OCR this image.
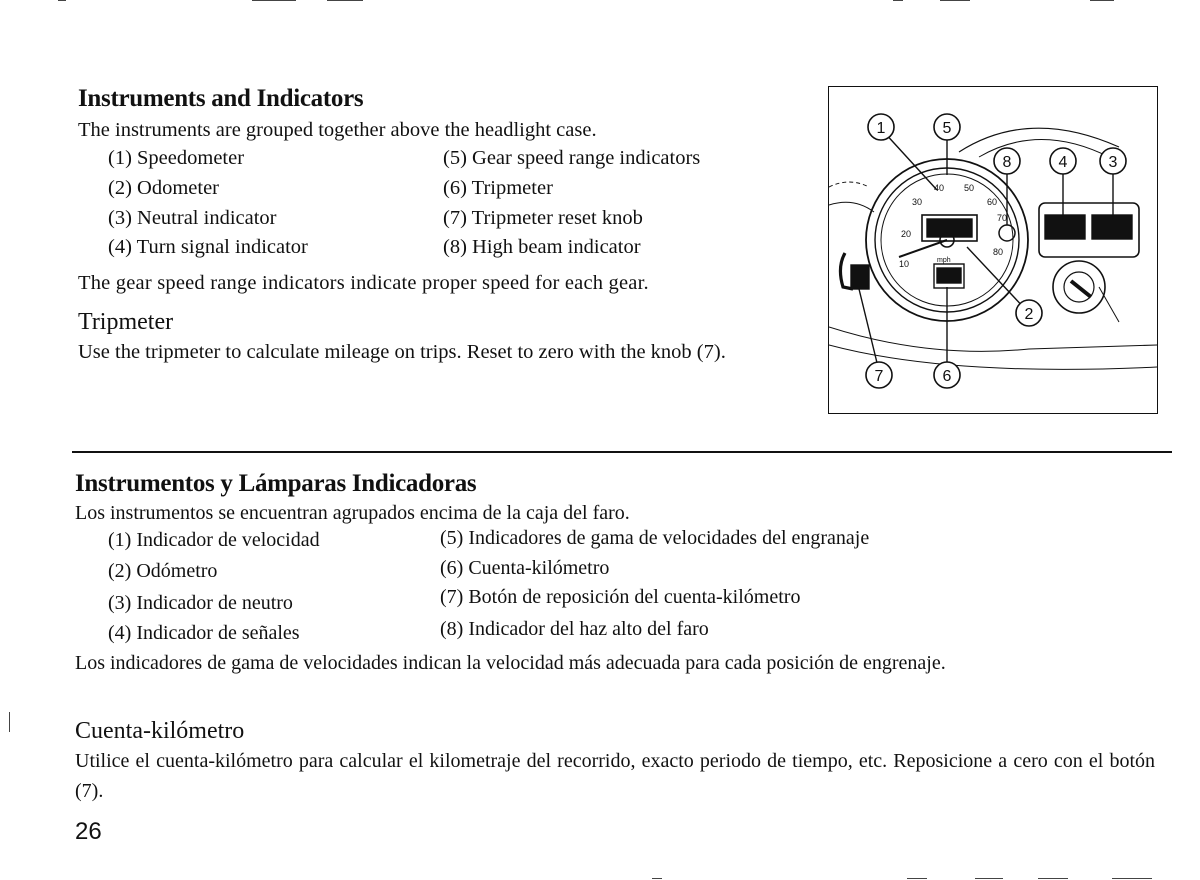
Instruments and Indicators
The instruments are grouped together above the headlight case.
(1) Speedometer
(2) Odometer
(3) Neutral indicator
(4) Turn signal indicator
(5) Gear speed range indicators
(6) Tripmeter
(7) Tripmeter reset knob
(8) High beam indicator
The gear speed range indicators indicate proper speed for each gear.
Tripmeter
Use the tripmeter to calculate mileage on trips. Reset to zero with the knob (7).
10
20
30
40 50
60
70
80
mph
1	5
8	4	3
2
7	6
Instrumentos y Lámparas Indicadoras
Los instrumentos se encuentran agrupados encima de la caja del faro.
(1) Indicador de velocidad
(2) Odómetro
(3) Indicador de neutro
(4) Indicador de señales
(5) Indicadores de gama de velocidades del engranaje
(6) Cuenta-kilómetro
(7) Botón de reposición del cuenta-kilómetro
(8) Indicador del haz alto del faro
Los indicadores de gama de velocidades indican la velocidad más adecuada para cada posición de engrenaje.
Cuenta-kilómetro
Utilice el cuenta-kilómetro para calcular el kilometraje del recorrido, exacto periodo de tiempo, etc. Reposicione a cero con el botón (7).
26
